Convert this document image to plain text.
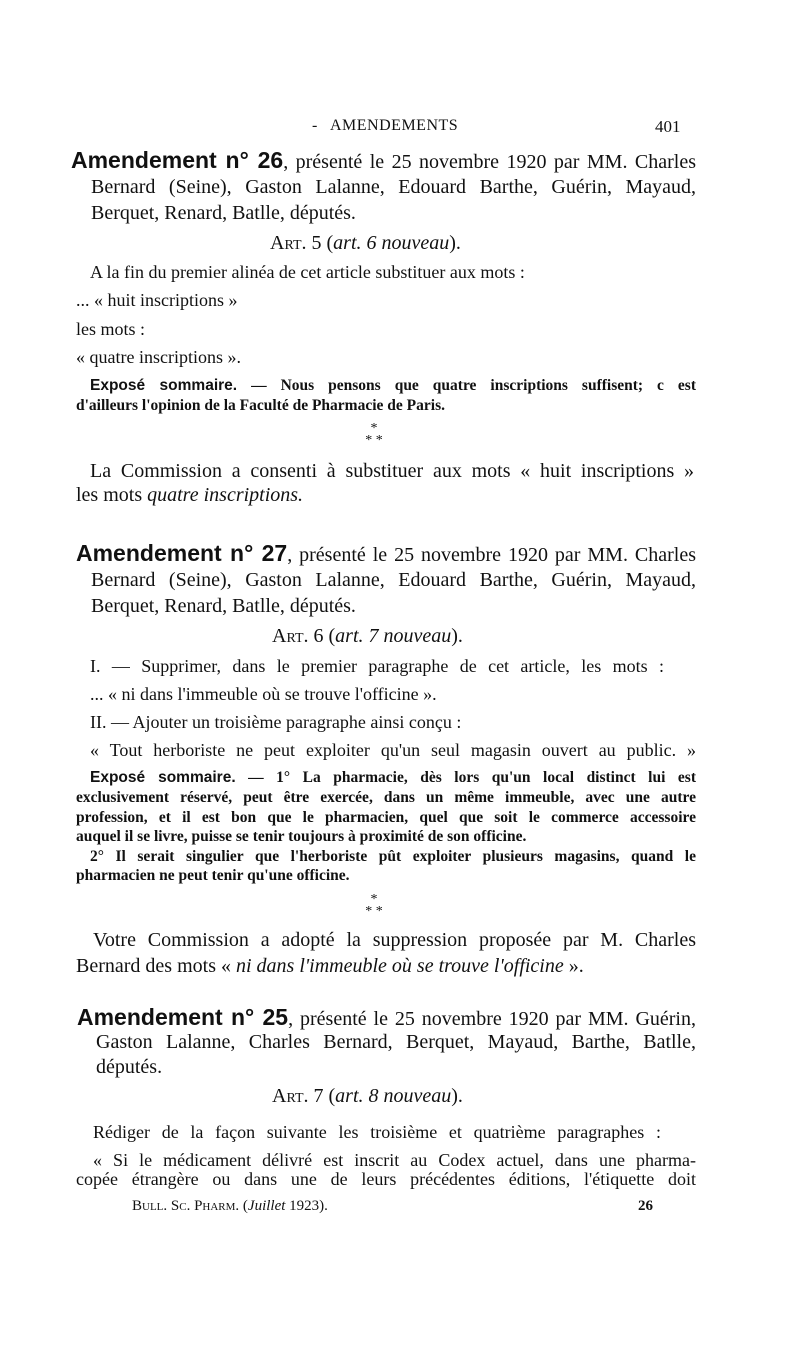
- AMENDEMENTS	401
Amendement n° 26, présenté le 25 novembre 1920 par MM. Charles
Bernard (Seine), Gaston Lalanne, Edouard Barthe, Guérin, Mayaud,
Berquet, Renard, Batlle, députés.
Art. 5 (art. 6 nouveau).
A la fin du premier alinéa de cet article substituer aux mots :
... « huit inscriptions »
les mots :
« quatre inscriptions ».
Exposé sommaire. — Nous pensons que quatre inscriptions suffisent; c est
d'ailleurs l'opinion de la Faculté de Pharmacie de Paris.
*
* *
La Commission a consenti à substituer aux mots « huit inscriptions »
les mots quatre inscriptions.
Amendement n° 27, présenté le 25 novembre 1920 par MM. Charles
Bernard (Seine), Gaston Lalanne, Edouard Barthe, Guérin, Mayaud,
Berquet, Renard, Batlle, députés.
Art. 6 (art. 7 nouveau).
I. — Supprimer, dans le premier paragraphe de cet article, les mots :
... « ni dans l'immeuble où se trouve l'officine ».
II. — Ajouter un troisième paragraphe ainsi conçu :
« Tout herboriste ne peut exploiter qu'un seul magasin ouvert au public. »
Exposé sommaire. — 1° La pharmacie, dès lors qu'un local distinct lui est
exclusivement réservé, peut être exercée, dans un même immeuble, avec une autre
profession, et il est bon que le pharmacien, quel que soit le commerce accessoire
auquel il se livre, puisse se tenir toujours à proximité de son officine.
2° Il serait singulier que l'herboriste pût exploiter plusieurs magasins, quand le
pharmacien ne peut tenir qu'une officine.
*
* *
Votre Commission a adopté la suppression proposée par M. Charles
Bernard des mots « ni dans l'immeuble où se trouve l'officine ».
Amendement n° 25, présenté le 25 novembre 1920 par MM. Guérin,
Gaston Lalanne, Charles Bernard, Berquet, Mayaud, Barthe, Batlle,
députés.
Art. 7 (art. 8 nouveau).
Rédiger de la façon suivante les troisième et quatrième paragraphes :
« Si le médicament délivré est inscrit au Codex actuel, dans une pharma-
copée étrangère ou dans une de leurs précédentes éditions, l'étiquette doit
Bull. Sc. Pharm. (Juillet 1923).	26
